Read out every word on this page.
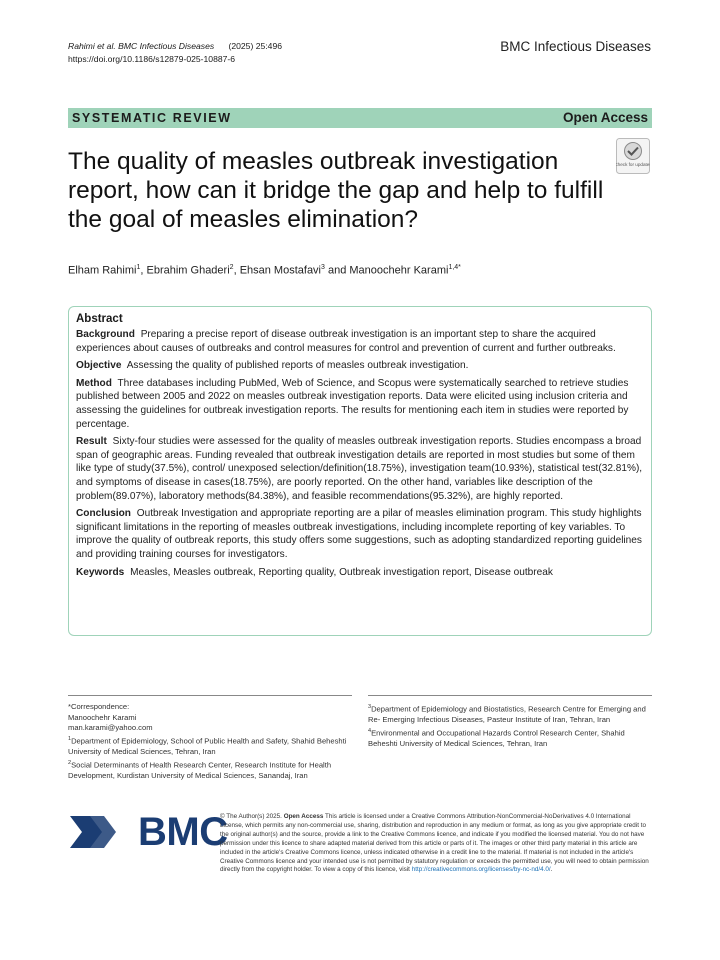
Rahimi et al. BMC Infectious Diseases (2025) 25:496
https://doi.org/10.1186/s12879-025-10887-6
BMC Infectious Diseases
SYSTEMATIC REVIEW	Open Access
The quality of measles outbreak investigation report, how can it bridge the gap and help to fulfill the goal of measles elimination?
Check for updates
Elham Rahimi$^1$, Ebrahim Ghaderi$^2$, Ehsan Mostafavi$^3$ and Manoochehr Karami$^{1,4*}$
Abstract

Background Preparing a precise report of disease outbreak investigation is an important step to share the acquired experiences about causes of outbreaks and control measures for control and prevention of current and further outbreaks.

Objective Assessing the quality of published reports of measles outbreak investigation.

Method Three databases including PubMed, Web of Science, and Scopus were systematically searched to retrieve studies published between 2005 and 2022 on measles outbreak investigation reports. Data were elicited using inclusion criteria and assessing the guidelines for outbreak investigation reports. The results for mentioning each item in studies were reported by percentage.

Result Sixty-four studies were assessed for the quality of measles outbreak investigation reports. Studies encompass a broad span of geographic areas. Funding revealed that outbreak investigation details are reported in most studies but some of them like type of study(37.5%), control/ unexposed selection/definition(18.75%), investigation team(10.93%), statistical test(32.81%), and symptoms of disease in cases(18.75%), are poorly reported. On the other hand, variables like description of the problem(89.07%), laboratory methods(84.38%), and feasible recommendations(95.32%), are highly reported.

Conclusion Outbreak Investigation and appropriate reporting are a pilar of measles elimination program. This study highlights significant limitations in the reporting of measles outbreak investigations, including incomplete reporting of key variables. To improve the quality of outbreak reports, this study offers some suggestions, such as adopting standardized reporting guidelines and providing training courses for investigators.

Keywords Measles, Measles outbreak, Reporting quality, Outbreak investigation report, Disease outbreak

*Correspondence:
Manoochehr Karami
man.karami@yahoo.com
$^1$Department of Epidemiology, School of Public Health and Safety, Shahid Beheshti University of Medical Sciences, Tehran, Iran
$^2$Social Determinants of Health Research Center, Research Institute for Health Development, Kurdistan University of Medical Sciences, Sanandaj, Iran
$^3$Department of Epidemiology and Biostatistics, Research Centre for Emerging and Re- Emerging Infectious Diseases, Pasteur Institute of Iran, Tehran, Iran
$^4$Environmental and Occupational Hazards Control Research Center, Shahid Beheshti University of Medical Sciences, Tehran, Iran
BMC
© The Author(s) 2025. Open Access This article is licensed under a Creative Commons Attribution-NonCommercial-NoDerivatives 4.0 International License, which permits any non-commercial use, sharing, distribution and reproduction in any medium or format, as long as you give appropriate credit to the original author(s) and the source, provide a link to the Creative Commons licence, and indicate if you modified the licensed material. You do not have permission under this licence to share adapted material derived from this article or parts of it. The images or other third party material in this article are included in the article's Creative Commons licence, unless indicated otherwise in a credit line to the material. If material is not included in the article's Creative Commons licence and your intended use is not permitted by statutory regulation or exceeds the permitted use, you will need to obtain permission directly from the copyright holder. To view a copy of this licence, visit http://creativecommons.org/licenses/by-nc-nd/4.0/.
